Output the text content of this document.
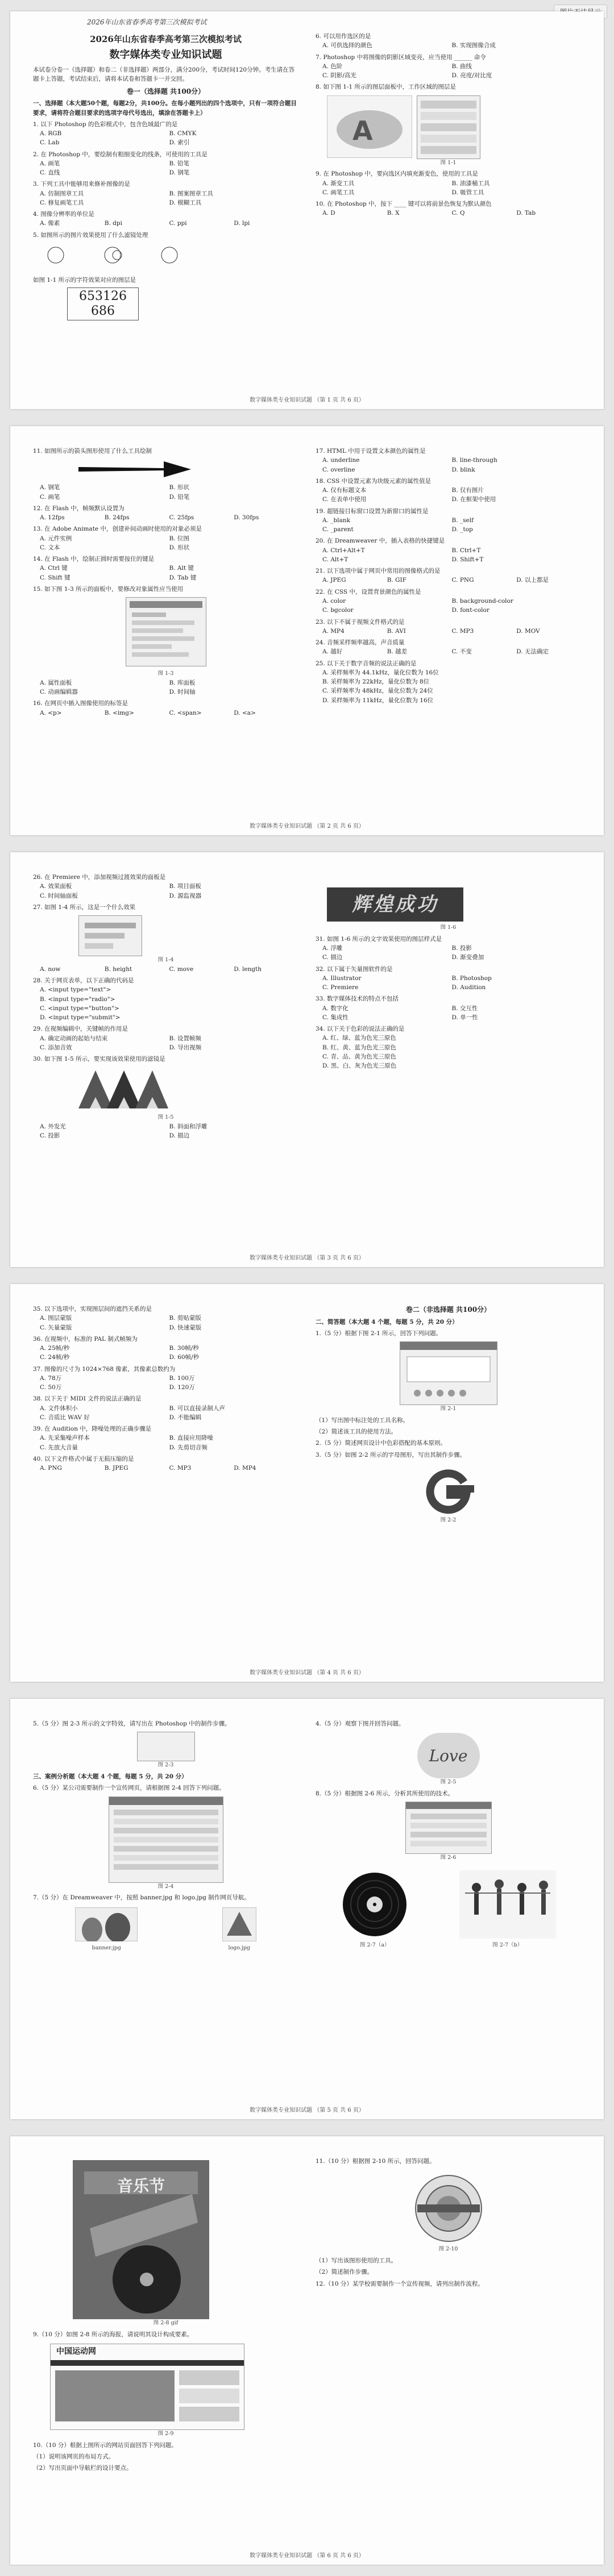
2026年山东省春季高考第三次模拟考试
2026年山东省春季高考第三次模拟考试
数字媒体类专业知识试题
本试卷分卷一（选择题）和卷二（非选择题）两部分，满分200分，考试时间120分钟。考生请在答题卡上答题，考试结束后，请将本试卷和答题卡一并交回。
卷一（选择题 共100分）
一、选择题（本大题50个题，每题2分，共100分。在每小题列出的四个选项中，只有一项符合题目要求，请将符合题目要求的选项字母代号选出，填涂在答题卡上）
1. 以下 Photoshop 的色彩模式中，包含色域最广的是
A. RGB	B. CMYK
C. Lab	D. 索引
2. 在 Photoshop 中，要绘制有粗细变化的线条，可使用的工具是
A. 画笔	B. 铅笔
C. 直线	D. 钢笔
3. 下列工具中能够用来修补图像的是
A. 仿制图章工具	B. 图案图章工具
C. 修复画笔工具	D. 模糊工具
4. 图像分辨率的单位是
A. 像素	B. dpi	C. ppi	D. lpi
5. 如图所示的图片效果使用了什么滤镜处理
如图 1-1 所示的字符效果对应的图层是
653126 686
6. 可以用作选区的是
A. 可供选择的颜色	B. 实现图像合成
7. Photoshop 中将图像的阴影区域变亮，应当使用 ______ 命令
A. 色阶	B. 曲线
C. 阴影/高光	D. 亮度/对比度
8. 如下图 1-1 所示的图层面板中，工作区域的图层是
A
图 1-1
9. 在 Photoshop 中，要向选区内填充渐变色，使用的工具是
A. 渐变工具	B. 油漆桶工具
C. 画笔工具	D. 吸管工具
10. 在 Photoshop 中，按下 ____ 键可以将前景色恢复为默认颜色
A. D	B. X	C. Q	D. Tab
数字媒体类专业知识试题 （第 1 页 共 6 页）
11. 如图所示的箭头图形使用了什么工具绘制
A. 钢笔	B. 形状
C. 画笔	D. 铅笔
12. 在 Flash 中，帧频默认设置为
A. 12fps	B. 24fps	C. 25fps	D. 30fps
13. 在 Adobe Animate 中，创建补间动画时使用的对象必须是
A. 元件实例	B. 位图
C. 文本	D. 形状
14. 在 Flash 中，绘制正圆时需要按住的键是
A. Ctrl 键	B. Alt 键
C. Shift 键	D. Tab 键
15. 如下图 1-3 所示的面板中，要修改对象属性应当使用
图 1-3
A. 属性面板	B. 库面板
C. 动画编辑器	D. 时间轴
16. 在网页中插入图像使用的标签是
A. <p>	B. <img>	C. <span>	D. <a>
17. HTML 中用于设置文本颜色的属性是
A. underline	B. line-through
C. overline	D. blink
18. CSS 中设置元素为块级元素的属性值是
A. 仅有标题文本	B. 仅有图片
C. 在表单中使用	D. 在框架中使用
19. 超链接目标窗口设置为新窗口的属性是
A. _blank	B. _self
C. _parent	D. _top
20. 在 Dreamweaver 中，插入表格的快捷键是
A. Ctrl+Alt+T	B. Ctrl+T
C. Alt+T	D. Shift+T
21. 以下选项中属于网页中常用的图像格式的是
A. JPEG	B. GIF	C. PNG	D. 以上都是
22. 在 CSS 中，设置背景颜色的属性是
A. color	B. background-color
C. bgcolor	D. font-color
23. 以下不属于视频文件格式的是
A. MP4	B. AVI	C. MP3	D. MOV
24. 音频采样频率越高，声音质量
A. 越好	B. 越差	C. 不变	D. 无法确定
25. 以下关于数字音频的说法正确的是
A. 采样频率为 44.1kHz，量化位数为 16位
B. 采样频率为 22kHz，量化位数为 8位
C. 采样频率为 48kHz，量化位数为 24位
D. 采样频率为 11kHz，量化位数为 16位
数字媒体类专业知识试题 （第 2 页 共 6 页）
26. 在 Premiere 中，添加视频过渡效果的面板是
A. 效果面板	B. 项目面板
C. 时间轴面板	D. 源监视器
27. 如图 1-4 所示，这是一个什么效果
图 1-4
A. now	B. height	C. move	D. length
28. 关于网页表单，以下正确的代码是
A. <input type="text">
B. <input type="radio">
C. <input type="button">
D. <input type="submit">
29. 在视频编辑中，关键帧的作用是
A. 确定动画的起始与结束	B. 设置帧频
C. 添加音效	D. 导出视频
30. 如下图 1-5 所示，要实现该效果使用的滤镜是
图 1-5
A. 外发光	B. 斜面和浮雕
C. 投影	D. 描边
辉煌成功
图 1-6
31. 如图 1-6 所示的文字效果使用的图层样式是
A. 浮雕	B. 投影
C. 描边	D. 渐变叠加
32. 以下属于矢量图软件的是
A. Illustrator	B. Photoshop
C. Premiere	D. Audition
33. 数字媒体技术的特点不包括
A. 数字化	B. 交互性
C. 集成性	D. 单一性
34. 以下关于色彩的说法正确的是
A. 红、绿、蓝为色光三原色
B. 红、黄、蓝为色光三原色
C. 青、品、黄为色光三原色
D. 黑、白、灰为色光三原色
数字媒体类专业知识试题 （第 3 页 共 6 页）
35. 以下选项中，实现图层间的遮挡关系的是
A. 图层蒙版	B. 剪贴蒙版
C. 矢量蒙版	D. 快速蒙版
36. 在视频中，标准的 PAL 制式帧频为
A. 25帧/秒	B. 30帧/秒
C. 24帧/秒	D. 60帧/秒
37. 图像的尺寸为 1024×768 像素，其像素总数约为
A. 78万	B. 100万
C. 50万	D. 120万
38. 以下关于 MIDI 文件的说法正确的是
A. 文件体积小	B. 可以直接录制人声
C. 音质比 WAV 好	D. 不能编辑
39. 在 Audition 中，降噪处理的正确步骤是
A. 先采集噪声样本	B. 直接应用降噪
C. 先放大音量	D. 先剪切音频
40. 以下文件格式中属于无损压缩的是
A. PNG	B. JPEG	C. MP3	D. MP4
卷二（非选择题 共100分）
二、简答题（本大题 4 个题，每题 5 分，共 20 分）
1.（5 分）根据下图 2-1 所示，回答下列问题。
图 2-1
（1）写出图中标注处的工具名称。
（2）简述该工具的使用方法。
2.（5 分）简述网页设计中色彩搭配的基本原则。
3.（5 分）如图 2-2 所示的字母图形，写出其制作步骤。
图 2-2
数字媒体类专业知识试题 （第 4 页 共 6 页）
5.（5 分）图 2-3 所示的文字特效，请写出在 Photoshop 中的制作步骤。
图 2-3
三、案例分析题（本大题 4 个题，每题 5 分，共 20 分）
6.（5 分）某公司需要制作一个宣传网页，请根据图 2-4 回答下列问题。
图 2-4
7.（5 分）在 Dreamweaver 中，按照 banner.jpg 和 logo.jpg 制作网页导航。
banner.jpg	logo.jpg
4.（5 分）观察下图并回答问题。
Love
图 2-5
8.（5 分）根据图 2-6 所示，分析其所使用的技术。
图 2-6
图 2-7（a）	图 2-7（b）
数字媒体类专业知识试题 （第 5 页 共 6 页）
音乐节
图 2-8 gif
9.（10 分）如图 2-8 所示的海报，请说明其设计构成要素。
中国运动网
图 2-9
10.（10 分）根据上图所示的网站页面回答下列问题。
（1）说明该网页的布局方式。
（2）写出页面中导航栏的设计要点。
11.（10 分）根据图 2-10 所示，回答问题。
图 2-10
（1）写出该图形使用的工具。
（2）简述制作步骤。
12.（10 分）某学校需要制作一个宣传视频，请列出制作流程。
数字媒体类专业知识试题 （第 6 页 共 6 页）
